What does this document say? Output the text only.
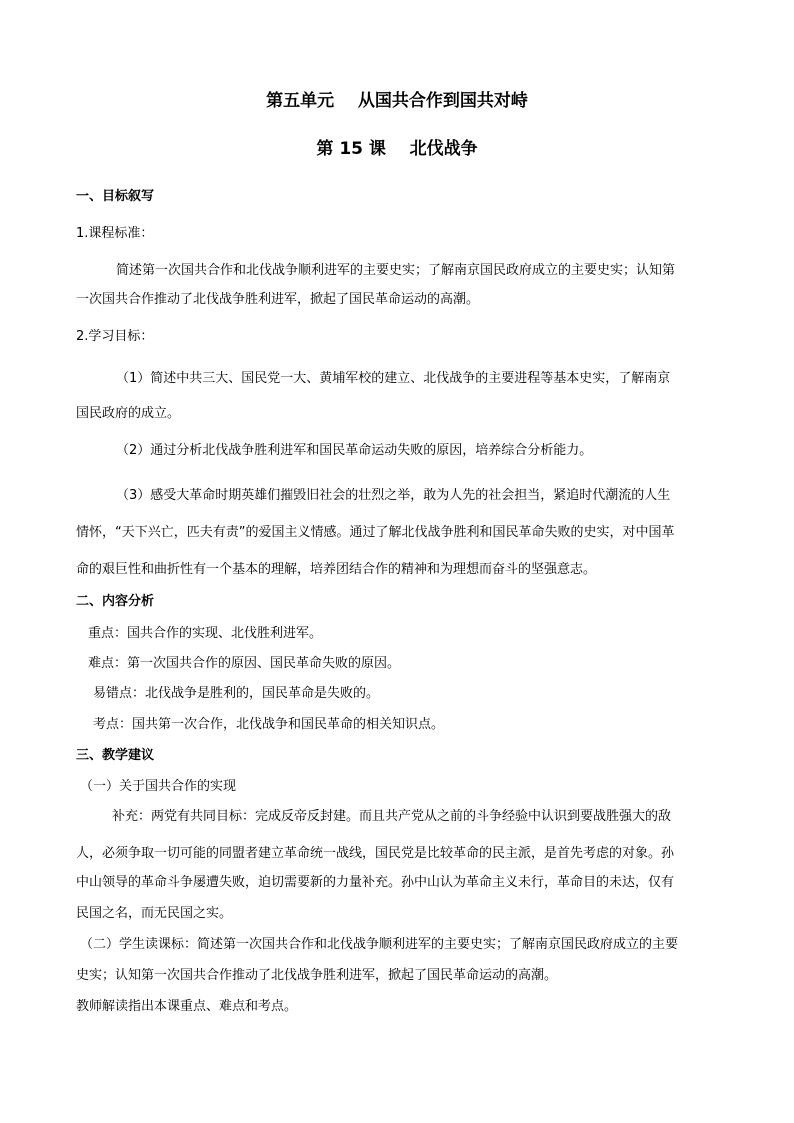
第五单元    从国共合作到国共对峙
第 15 课    北伐战争
一、目标叙写
1.课程标准：
简述第一次国共合作和北伐战争顺利进军的主要史实；了解南京国民政府成立的主要史实；认知第
一次国共合作推动了北伐战争胜利进军，掀起了国民革命运动的高潮。
2.学习目标：
（1）简述中共三大、国民党一大、黄埔军校的建立、北伐战争的主要进程等基本史实，了解南京
国民政府的成立。
（2）通过分析北伐战争胜利进军和国民革命运动失败的原因，培养综合分析能力。
（3）感受大革命时期英雄们摧毁旧社会的壮烈之举，敢为人先的社会担当，紧追时代潮流的人生
情怀，“天下兴亡，匹夫有责”的爱国主义情感。通过了解北伐战争胜利和国民革命失败的史实，对中国革
命的艰巨性和曲折性有一个基本的理解，培养团结合作的精神和为理想而奋斗的坚强意志。
二、内容分析
重点：国共合作的实现、北伐胜利进军。
难点：第一次国共合作的原因、国民革命失败的原因。
易错点：北伐战争是胜利的，国民革命是失败的。
考点：国共第一次合作，北伐战争和国民革命的相关知识点。
三、教学建议
（一）关于国共合作的实现
补充：两党有共同目标：完成反帝反封建。而且共产党从之前的斗争经验中认识到要战胜强大的敌
人，必须争取一切可能的同盟者建立革命统一战线，国民党是比较革命的民主派，是首先考虑的对象。孙
中山领导的革命斗争屡遭失败，迫切需要新的力量补充。孙中山认为革命主义未行，革命目的未达，仅有
民国之名，而无民国之实。
（二）学生读课标：简述第一次国共合作和北伐战争顺利进军的主要史实；了解南京国民政府成立的主要
史实；认知第一次国共合作推动了北伐战争胜利进军，掀起了国民革命运动的高潮。
教师解读指出本课重点、难点和考点。
